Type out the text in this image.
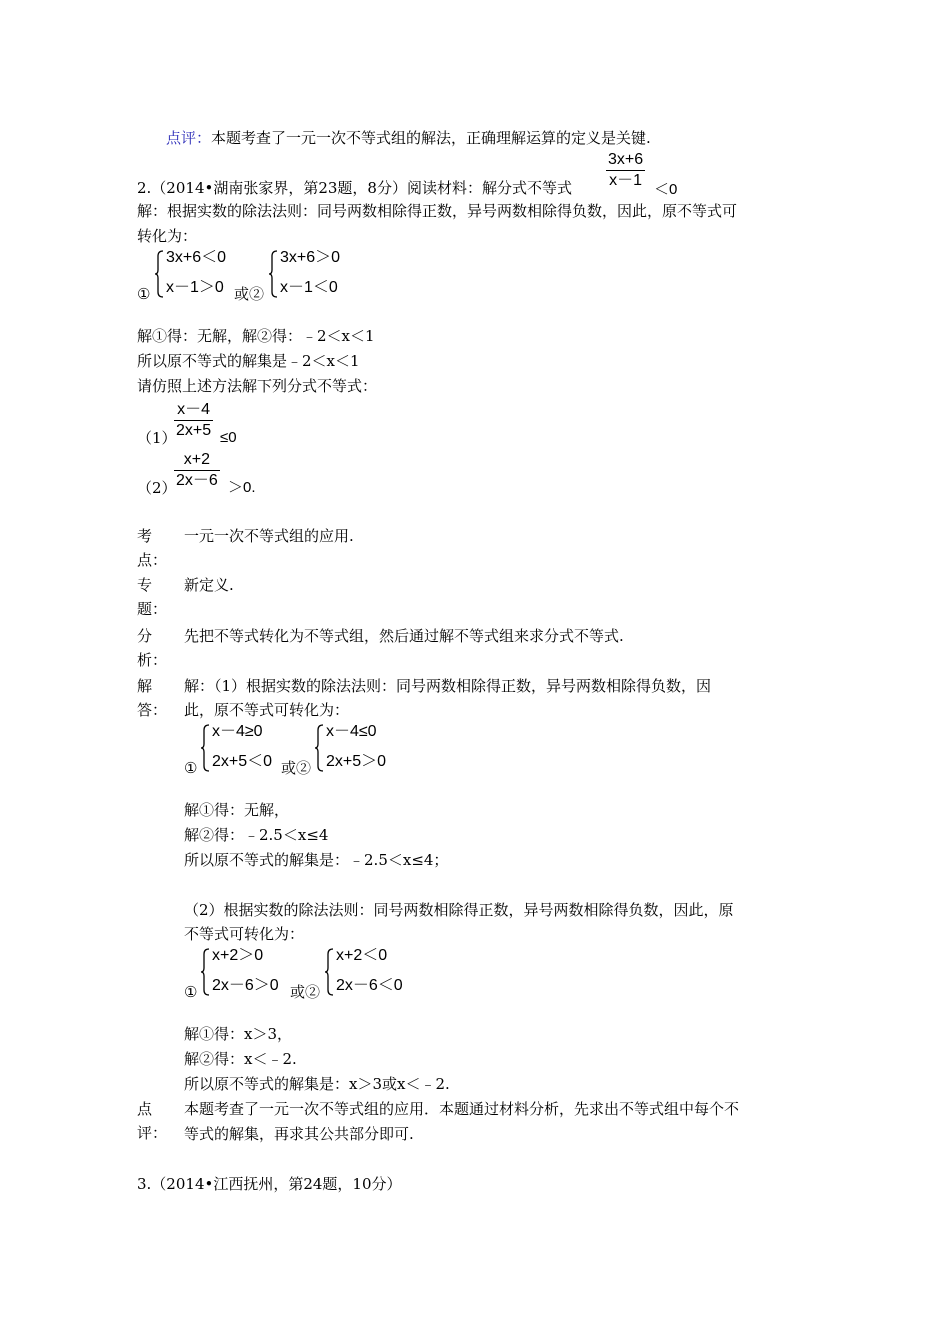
点评：本题考查了一元一次不等式组的解法，正确理解运算的定义是关键.
2.（2014•湖南张家界，第23题，8分）阅读材料：解分式不等式
3x+6
x－1
＜0
解：根据实数的除法法则：同号两数相除得正数，异号两数相除得负数，因此，原不等式可
转化为：
①
3x+6＜0
x－1＞0 或②
3x+6＞0
x－1＜0
解①得：无解，解②得：﹣2＜x＜1
所以原不等式的解集是﹣2＜x＜1
请仿照上述方法解下列分式不等式：
（1）
x－4
2x+5 ≤0
（2）
x+2
2x－6 ＞0.
考
点：
一元一次不等式组的应用.
专
题：
新定义.
分
析：
先把不等式转化为不等式组，然后通过解不等式组来求分式不等式.
解
答：
解：（1）根据实数的除法法则：同号两数相除得正数，异号两数相除得负数，因
此，原不等式可转化为：
①
x－4≥0
2x+5＜0 或②
x－4≤0
2x+5＞0
解①得：无解，
解②得：﹣2.5＜x≤4
所以原不等式的解集是：﹣2.5＜x≤4；
（2）根据实数的除法法则：同号两数相除得正数，异号两数相除得负数，因此，原
不等式可转化为：
①
x+2＞0
2x－6＞0 或②
x+2＜0
2x－6＜0
解①得：x＞3，
解②得：x＜﹣2.
所以原不等式的解集是：x＞3或x＜﹣2.
点
评：
本题考查了一元一次不等式组的应用．本题通过材料分析，先求出不等式组中每个不
等式的解集，再求其公共部分即可.
3.（2014•江西抚州，第24题，10分）
